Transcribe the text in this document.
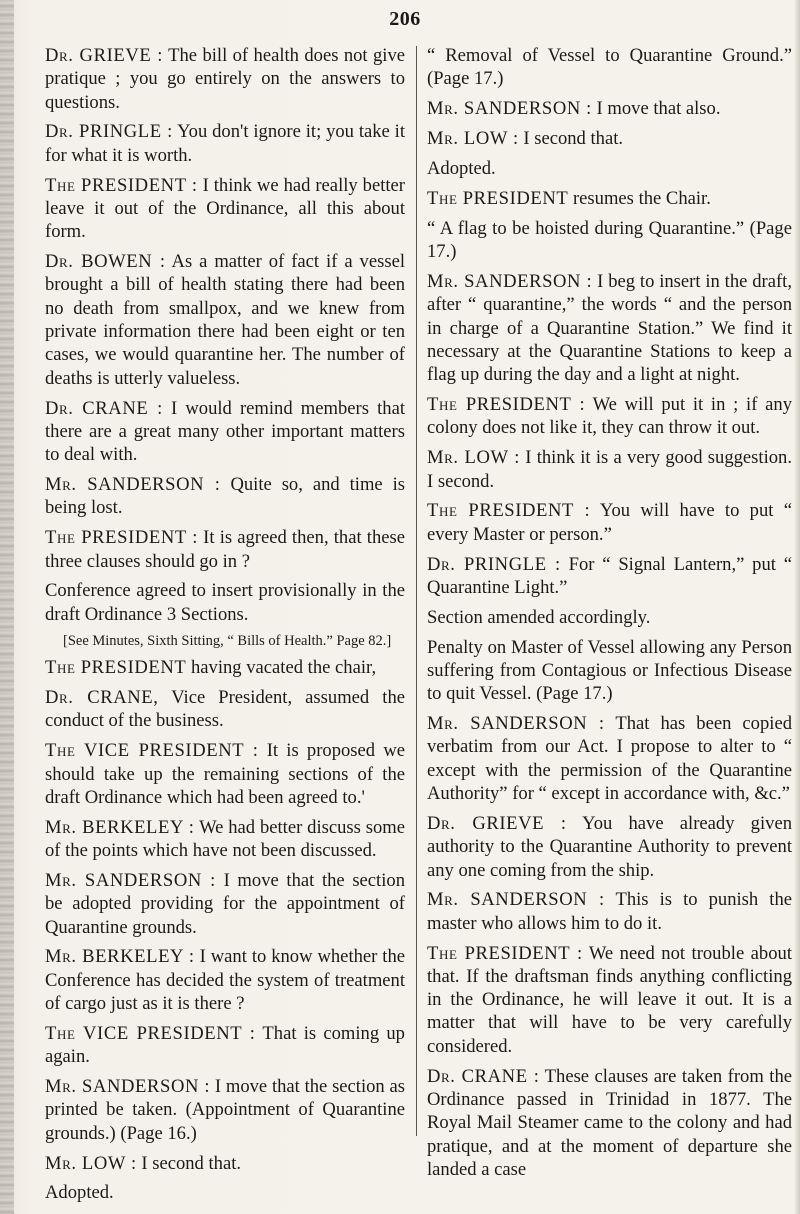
206

Dr. GRIEVE : The bill of health does not give pratique ; you go entirely on the answers to questions.

Dr. PRINGLE : You don't ignore it; you take it for what it is worth.

The PRESIDENT : I think we had really better leave it out of the Ordinance, all this about form.

Dr. BOWEN : As a matter of fact if a vessel brought a bill of health stating there had been no death from smallpox, and we knew from private information there had been eight or ten cases, we would quarantine her. The number of deaths is utterly valueless.

Dr. CRANE : I would remind members that there are a great many other important matters to deal with.

Mr. SANDERSON : Quite so, and time is being lost.

The PRESIDENT : It is agreed then, that these three clauses should go in ?

Conference agreed to insert provisionally in the draft Ordinance 3 Sections.

[See Minutes, Sixth Sitting, “ Bills of Health.” Page 82.]

The PRESIDENT having vacated the chair,

Dr. CRANE, Vice President, assumed the conduct of the business.

The VICE PRESIDENT : It is proposed we should take up the remaining sections of the draft Ordinance which had been agreed to.'

Mr. BERKELEY : We had better discuss some of the points which have not been discussed.

Mr. SANDERSON : I move that the section be adopted providing for the appointment of Quarantine grounds.

Mr. BERKELEY : I want to know whether the Conference has decided the system of treatment of cargo just as it is there ?

The VICE PRESIDENT : That is coming up again.

Mr. SANDERSON : I move that the section as printed be taken. (Appointment of Quarantine grounds.) (Page 16.)

Mr. LOW : I second that.

Adopted.

“ Removal of Vessel to Quarantine Ground.” (Page 17.)

Mr. SANDERSON : I move that also.

Mr. LOW : I second that.

Adopted.

The PRESIDENT resumes the Chair.

“ A flag to be hoisted during Quarantine.” (Page 17.)

Mr. SANDERSON : I beg to insert in the draft, after “ quarantine,” the words “ and the person in charge of a Quarantine Station.” We find it necessary at the Quarantine Stations to keep a flag up during the day and a light at night.

The PRESIDENT : We will put it in ; if any colony does not like it, they can throw it out.

Mr. LOW : I think it is a very good suggestion. I second.

The PRESIDENT : You will have to put “ every Master or person.”

Dr. PRINGLE : For “ Signal Lantern,” put “ Quarantine Light.”

Section amended accordingly.

Penalty on Master of Vessel allowing any Person suffering from Contagious or Infectious Disease to quit Vessel. (Page 17.)

Mr. SANDERSON : That has been copied verbatim from our Act. I propose to alter to “ except with the permission of the Quarantine Authority” for “ except in accordance with, &c.”

Dr. GRIEVE : You have already given authority to the Quarantine Authority to prevent any one coming from the ship.

Mr. SANDERSON : This is to punish the master who allows him to do it.

The PRESIDENT : We need not trouble about that. If the draftsman finds anything conflicting in the Ordinance, he will leave it out. It is a matter that will have to be very carefully considered.

Dr. CRANE : These clauses are taken from the Ordinance passed in Trinidad in 1877. The Royal Mail Steamer came to the colony and had pratique, and at the moment of departure she landed a case
